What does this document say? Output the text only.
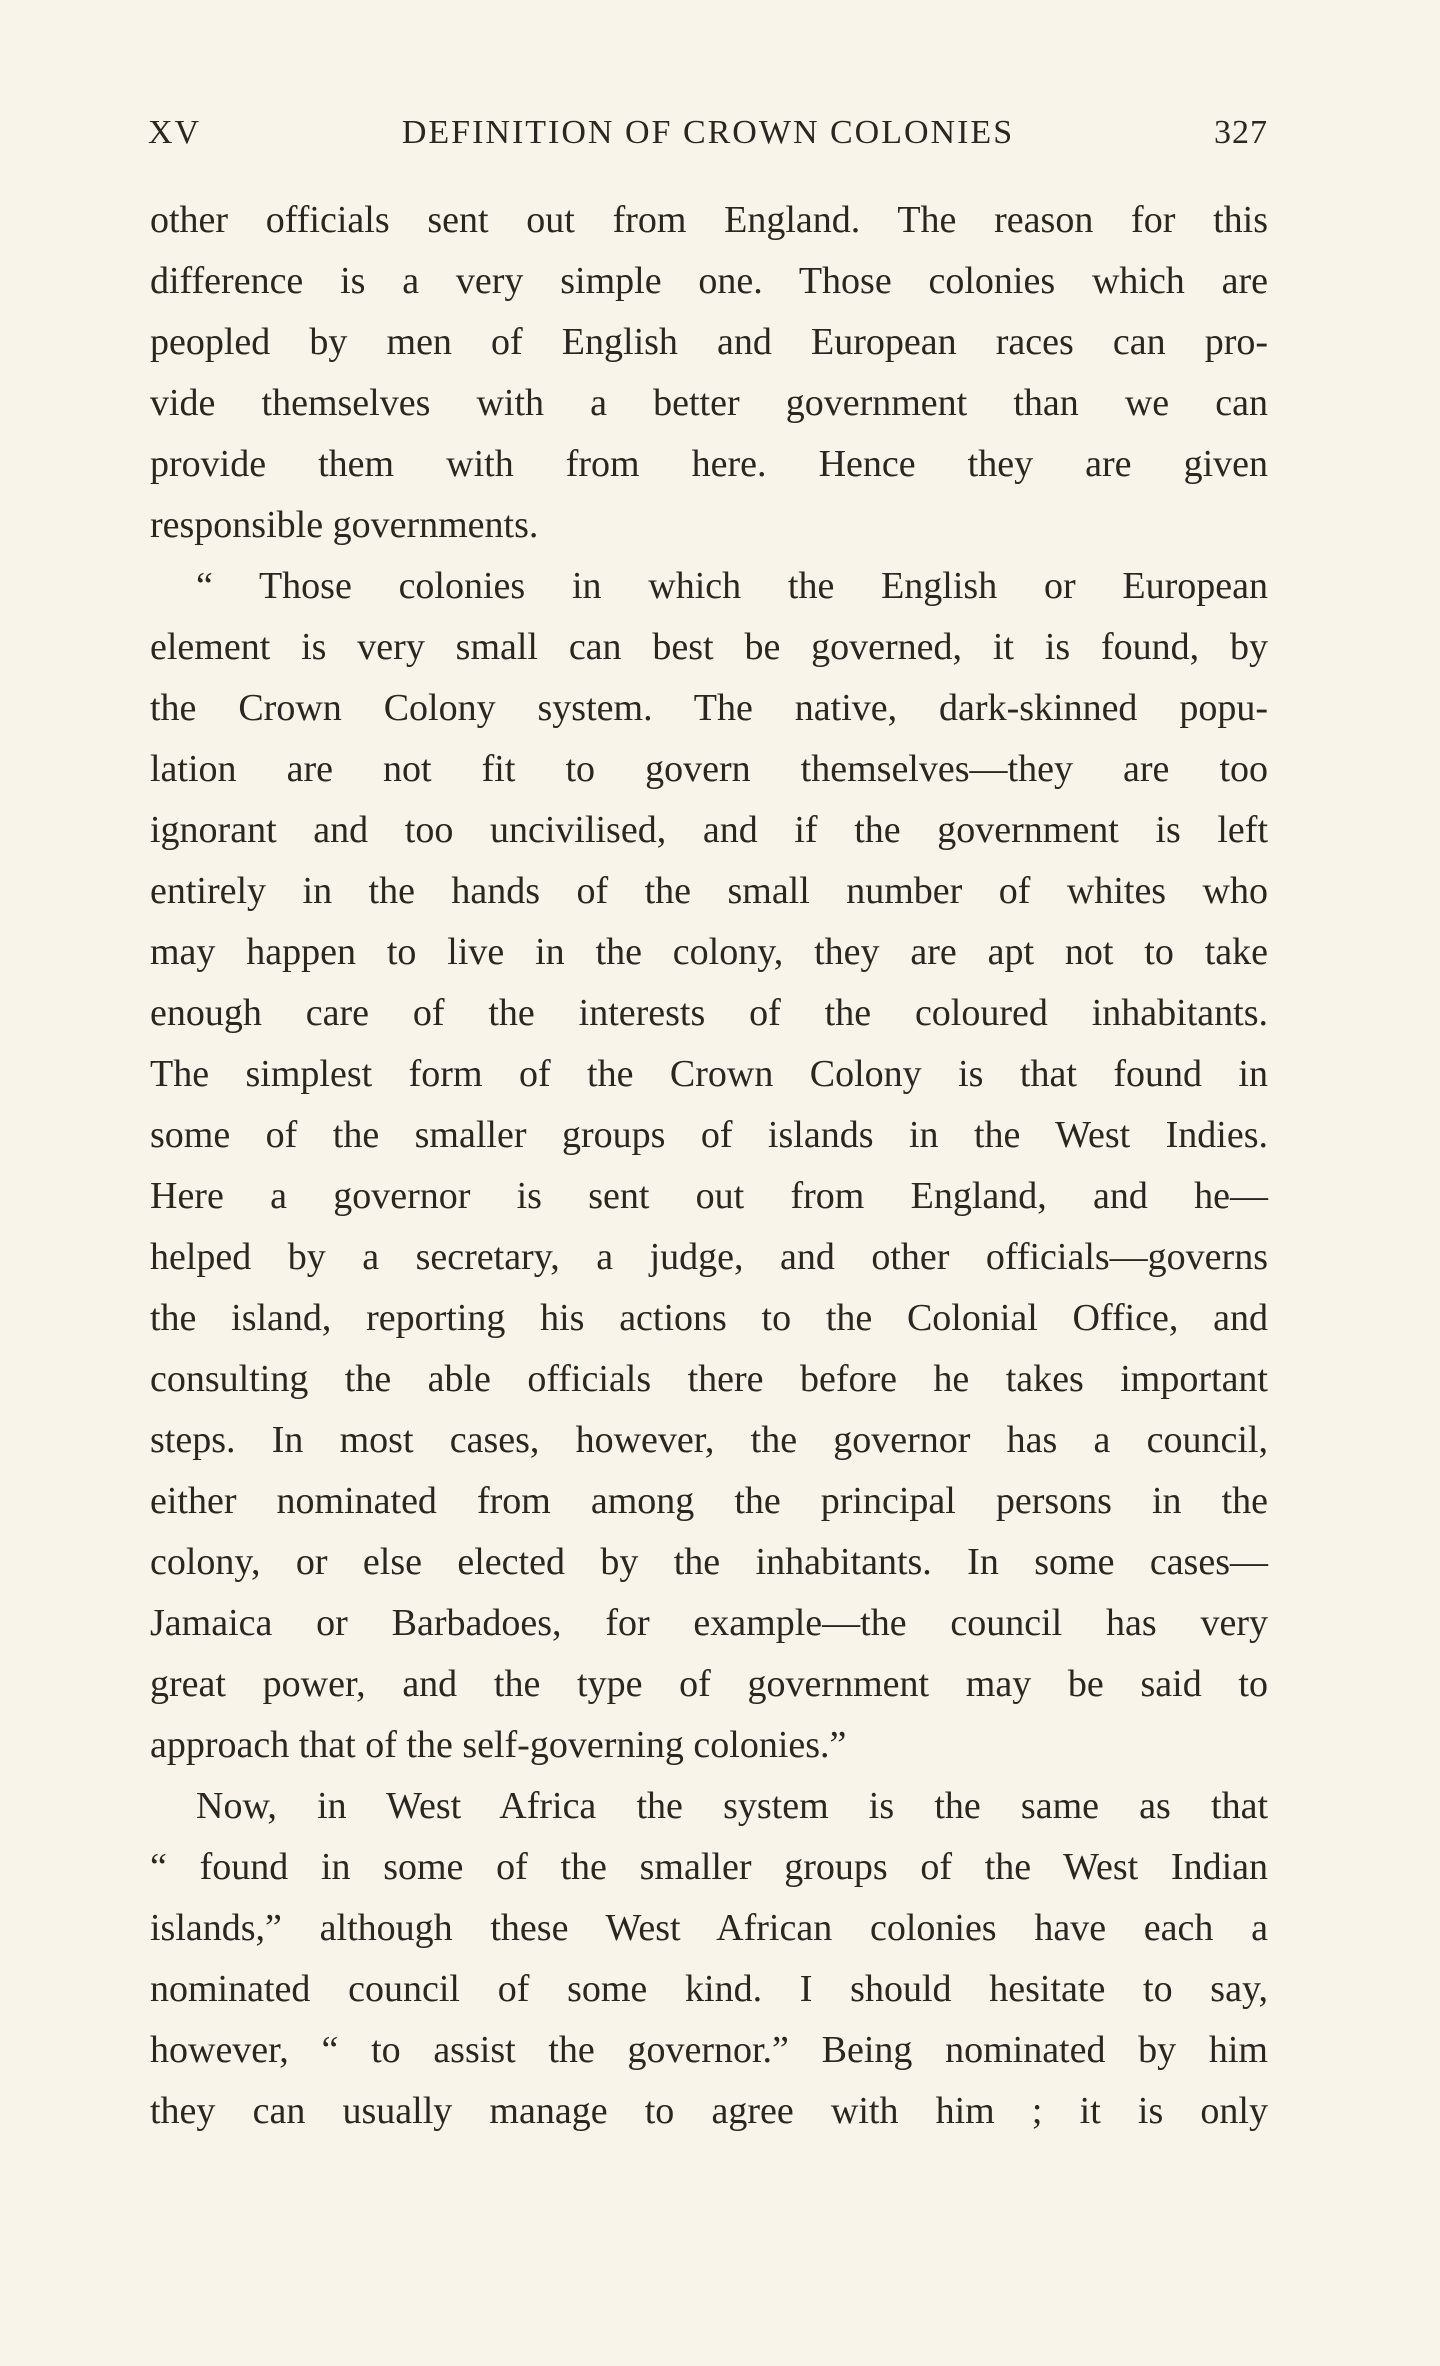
XV	DEFINITION OF CROWN COLONIES	327
other officials sent out from England. The reason for this
difference is a very simple one. Those colonies which are
peopled by men of English and European races can pro-
vide themselves with a better government than we can
provide them with from here. Hence they are given
responsible governments.
“ Those colonies in which the English or European
element is very small can best be governed, it is found, by
the Crown Colony system. The native, dark-skinned popu-
lation are not fit to govern themselves—they are too
ignorant and too uncivilised, and if the government is left
entirely in the hands of the small number of whites who
may happen to live in the colony, they are apt not to take
enough care of the interests of the coloured inhabitants.
The simplest form of the Crown Colony is that found in
some of the smaller groups of islands in the West Indies.
Here a governor is sent out from England, and he—
helped by a secretary, a judge, and other officials—governs
the island, reporting his actions to the Colonial Office, and
consulting the able officials there before he takes important
steps. In most cases, however, the governor has a council,
either nominated from among the principal persons in the
colony, or else elected by the inhabitants. In some cases—
Jamaica or Barbadoes, for example—the council has very
great power, and the type of government may be said to
approach that of the self-governing colonies.”
Now, in West Africa the system is the same as that
“ found in some of the smaller groups of the West Indian
islands,” although these West African colonies have each a
nominated council of some kind. I should hesitate to say,
however, “ to assist the governor.” Being nominated by him
they can usually manage to agree with him ; it is only
